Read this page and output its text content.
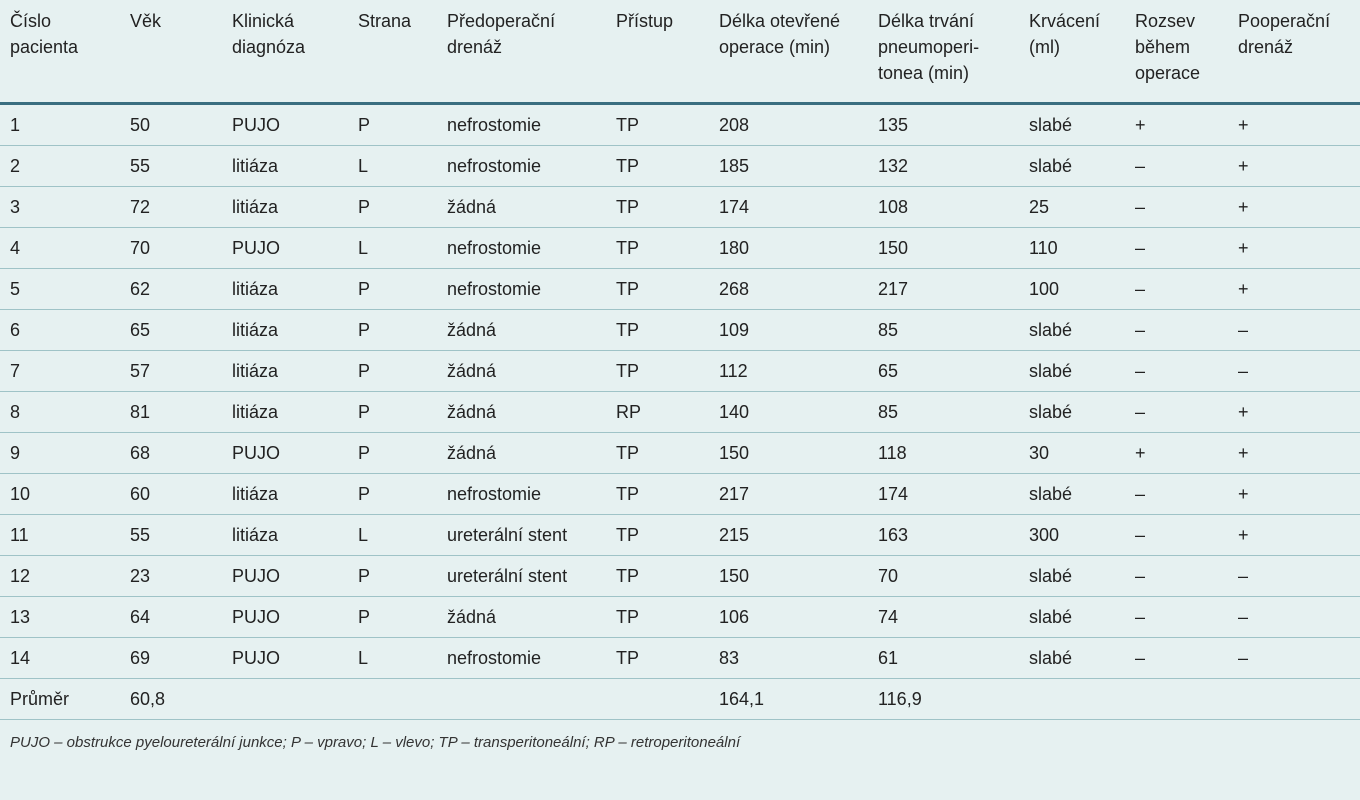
Číslo pacienta	Věk	Klinická diagnóza	Strana	Předoperační drenáž	Přístup	Délka otevřené operace (min)	Délka trvání pneumoperi-tonea (min)	Krvácení (ml)	Rozsev během operace	Pooperační drenáž
1	50	PUJO	P	nefrostomie	TP	208	135	slabé	+	+
2	55	litiáza	L	nefrostomie	TP	185	132	slabé	–	+
3	72	litiáza	P	žádná	TP	174	108	25	–	+
4	70	PUJO	L	nefrostomie	TP	180	150	110	–	+
5	62	litiáza	P	nefrostomie	TP	268	217	100	–	+
6	65	litiáza	P	žádná	TP	109	85	slabé	–	–
7	57	litiáza	P	žádná	TP	112	65	slabé	–	–
8	81	litiáza	P	žádná	RP	140	85	slabé	–	+
9	68	PUJO	P	žádná	TP	150	118	30	+	+
10	60	litiáza	P	nefrostomie	TP	217	174	slabé	–	+
11	55	litiáza	L	ureterální stent	TP	215	163	300	–	+
12	23	PUJO	P	ureterální stent	TP	150	70	slabé	–	–
13	64	PUJO	P	žádná	TP	106	74	slabé	–	–
14	69	PUJO	L	nefrostomie	TP	83	61	slabé	–	–
Průměr	60,8					164,1	116,9			
PUJO – obstrukce pyeloureterální junkce; P – vpravo; L – vlevo; TP – transperitoneální; RP – retroperitoneální										
